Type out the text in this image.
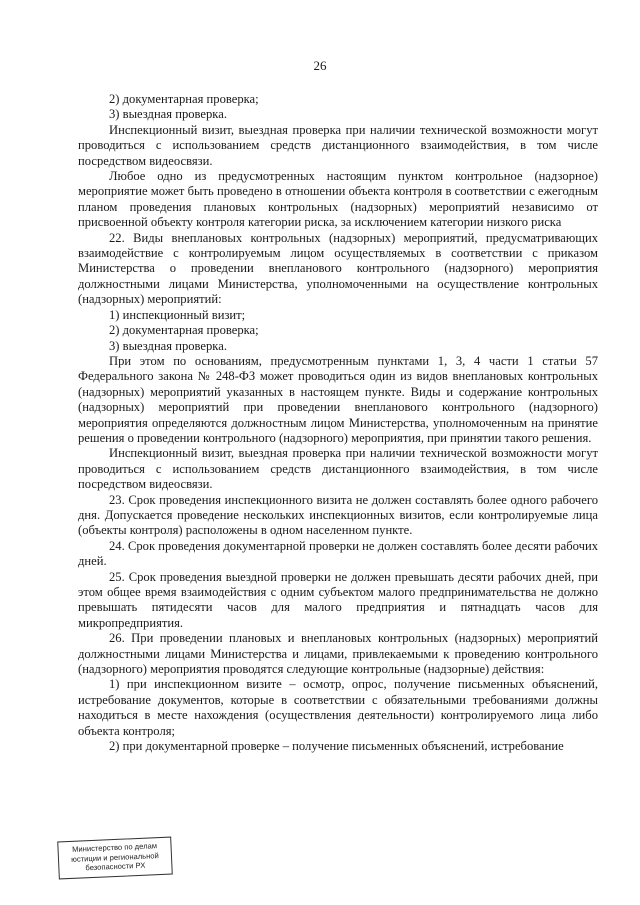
26

2) документарная проверка;

3) выездная проверка.

Инспекционный визит, выездная проверка при наличии технической возможности могут проводиться с использованием средств дистанционного взаимодействия, в том числе посредством видеосвязи.

Любое одно из предусмотренных настоящим пунктом контрольное (надзорное) мероприятие может быть проведено в отношении объекта контроля в соответствии с ежегодным планом проведения плановых контрольных (надзорных) мероприятий независимо от присвоенной объекту контроля категории риска, за исключением категории низкого риска

22. Виды внеплановых контрольных (надзорных) мероприятий, предусматривающих взаимодействие с контролируемым лицом осуществляемых в соответствии с приказом Министерства о проведении внепланового контрольного (надзорного) мероприятия должностными лицами Министерства, уполномоченными на осуществление контрольных (надзорных) мероприятий:

1) инспекционный визит;

2) документарная проверка;

3) выездная проверка.

При этом по основаниям, предусмотренным пунктами 1, 3, 4 части 1 статьи 57 Федерального закона № 248-ФЗ может проводиться один из видов внеплановых контрольных (надзорных) мероприятий указанных в настоящем пункте. Виды и содержание контрольных (надзорных) мероприятий при проведении внепланового контрольного (надзорного) мероприятия определяются должностным лицом Министерства, уполномоченным на принятие решения о проведении контрольного (надзорного) мероприятия, при принятии такого решения.

Инспекционный визит, выездная проверка при наличии технической возможности могут проводиться с использованием средств дистанционного взаимодействия, в том числе посредством видеосвязи.

23. Срок проведения инспекционного визита не должен составлять более одного рабочего дня. Допускается проведение нескольких инспекционных визитов, если контролируемые лица (объекты контроля) расположены в одном населенном пункте.

24. Срок проведения документарной проверки не должен составлять более десяти рабочих дней.

25. Срок проведения выездной проверки не должен превышать десяти рабочих дней, при этом общее время взаимодействия с одним субъектом малого предпринимательства не должно превышать пятидесяти часов для малого предприятия и пятнадцать часов для микропредприятия.

26. При проведении плановых и внеплановых контрольных (надзорных) мероприятий должностными лицами Министерства и лицами, привлекаемыми к проведению контрольного (надзорного) мероприятия проводятся следующие контрольные (надзорные) действия:

1) при инспекционном визите – осмотр, опрос, получение письменных объяснений, истребование документов, которые в соответствии с обязательными требованиями должны находиться в месте нахождения (осуществления деятельности) контролируемого лица либо объекта контроля;

2) при документарной проверке – получение письменных объяснений, истребование

Министерство по делам
юстиции и региональной
безопасности РХ
